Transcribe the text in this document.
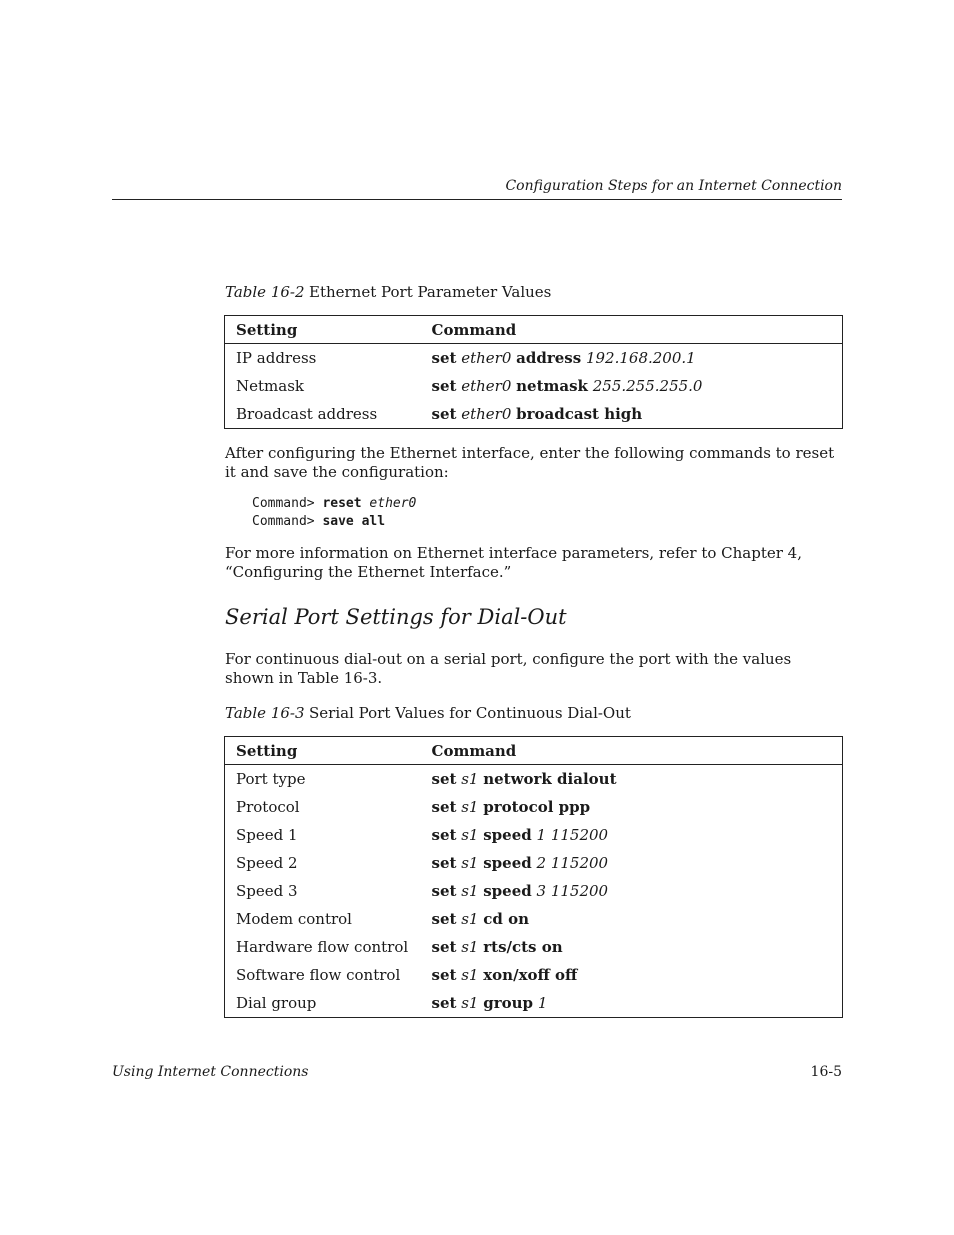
Configuration Steps for an Internet Connection
Table 16-2 Ethernet Port Parameter Values
Setting	Command
IP address	set ether0 address 192.168.200.1
Netmask	set ether0 netmask 255.255.255.0
Broadcast address	set ether0 broadcast high
After configuring the Ethernet interface, enter the following commands to reset it and save the configuration:
Command> reset ether0
Command> save all
For more information on Ethernet interface parameters, refer to Chapter 4,
“Configuring the Ethernet Interface.”
Serial Port Settings for Dial-Out
For continuous dial-out on a serial port, configure the port with the values shown in Table 16-3.
Table 16-3 Serial Port Values for Continuous Dial-Out
Setting	Command
Port type	set s1 network dialout
Protocol	set s1 protocol ppp
Speed 1	set s1 speed 1 115200
Speed 2	set s1 speed 2 115200
Speed 3	set s1 speed 3 115200
Modem control	set s1 cd on
Hardware flow control	set s1 rts/cts on
Software flow control	set s1 xon/xoff off
Dial group	set s1 group 1
Using Internet Connections	16-5
